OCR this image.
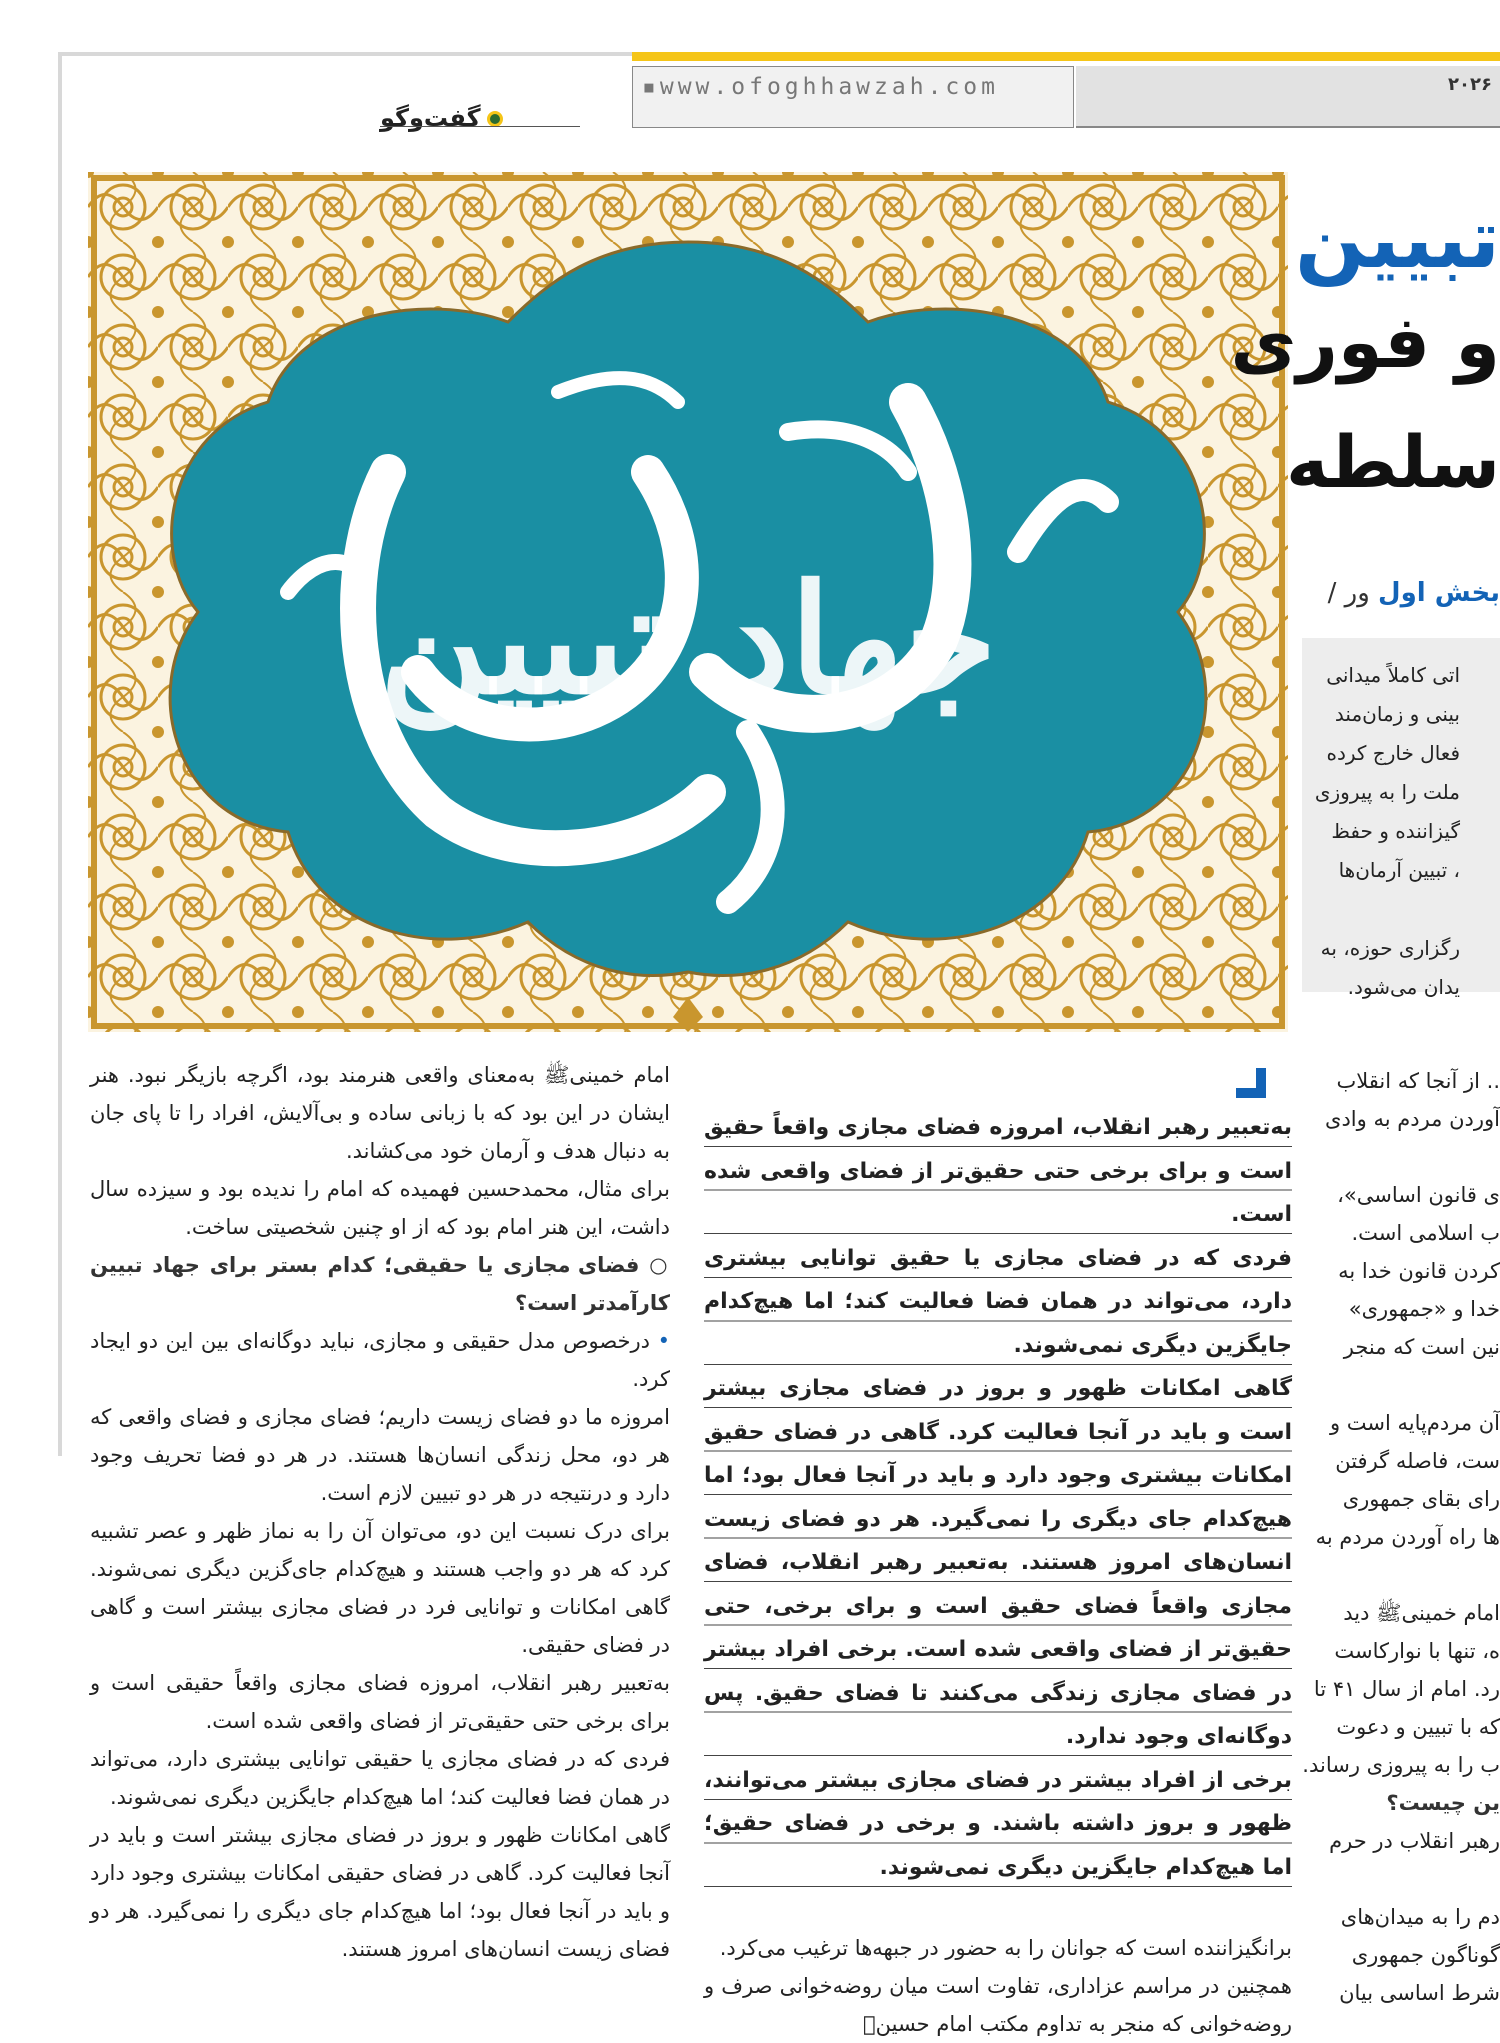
▪www.ofoghhawzah.com	۲۰۲۶
گفت‌وگو
جهاد تبیین
تبیین
و فوری
سلطه
بخش اول ور /

اتی کاملاً میدانی

بینی و زمان‌مند

فعال خارج کرده

ملت را به پیروزی

گیزاننده و حفظ

، تبیین آرمان‌ها

رگزاری حوزه، به

یدان می‌شود.

امام خمینیﷺ به‌معنای واقعی هنرمند بود، اگرچه بازیگر نبود. هنر ایشان در این بود که با زبانی ساده و بی‌آلایش، افراد را تا پای جان به دنبال هدف و آرمان خود می‌کشاند.

برای مثال، محمدحسین فهمیده که امام را ندیده بود و سیزده سال داشت، این هنر امام بود که از او چنین شخصیتی ساخت.

○ فضای مجازی یا حقیقی؛ کدام بستر برای جهاد تبیین کارآمدتر است؟

• درخصوص مدل حقیقی و مجازی، نباید دوگانه‌ای بین این دو ایجاد کرد.

امروزه ما دو فضای زیست داریم؛ فضای مجازی و فضای واقعی که هر دو، محل زندگی انسان‌ها هستند. در هر دو فضا تحریف وجود دارد و درنتیجه در هر دو تبیین لازم است.

برای درک نسبت این دو، می‌توان آن را به نماز ظهر و عصر تشبیه کرد که هر دو واجب هستند و هیچ‌کدام جای‌گزین دیگری نمی‌شوند. گاهی امکانات و توانایی فرد در فضای مجازی بیشتر است و گاهی در فضای حقیقی.

به‌تعبیر رهبر انقلاب، امروزه فضای مجازی واقعاً حقیقی است و برای برخی حتی حقیقی‌تر از فضای واقعی شده است.

فردی که در فضای مجازی یا حقیقی توانایی بیشتری دارد، می‌تواند در همان فضا فعالیت کند؛ اما هیچ‌کدام جایگزین دیگری نمی‌شوند.

گاهی امکانات ظهور و بروز در فضای مجازی بیشتر است و باید در آنجا فعالیت کرد. گاهی در فضای حقیقی امکانات بیشتری وجود دارد و باید در آنجا فعال بود؛ اما هیچ‌کدام جای دیگری را نمی‌گیرد. هر دو فضای زیست انسان‌های امروز هستند.

به‌تعبیر رهبر انقلاب، امروزه فضای مجازی واقعاً حقیق است و برای برخی حتی حقیق‌تر از فضای واقعی شده است.

فردی که در فضای مجازی یا حقیق توانایی بیشتری دارد، می‌تواند در همان فضا فعالیت کند؛ اما هیچ‌کدام جایگزین دیگری نمی‌شوند.

گاهی امکانات ظهور و بروز در فضای مجازی بیشتر است و باید در آنجا فعالیت کرد. گاهی در فضای حقیق امکانات بیشتری وجود دارد و باید در آنجا فعال بود؛ اما هیچ‌کدام جای دیگری را نمی‌گیرد. هر دو فضای زیست انسان‌های امروز هستند. به‌تعبیر رهبر انقلاب، فضای مجازی واقعاً فضای حقیق است و برای برخی، حتی حقیق‌تر از فضای واقعی شده است. برخی افراد بیشتر در فضای مجازی زندگی می‌کنند تا فضای حقیق. پس دوگانه‌ای وجود ندارد.

برخی از افراد بیشتر در فضای مجازی بیشتر می‌توانند، ظهور و بروز داشته باشند. و برخی در فضای حقیق؛ اما هیچ‌کدام جایگزین دیگری نمی‌شوند.

برانگیزاننده است که جوانان را به حضور در جبهه‌ها ترغیب می‌کرد.

همچنین در مراسم عزاداری، تفاوت است میان روضه‌خوانی صرف و روضه‌خوانی که منجر به تداوم مکتب امام حسینؑ

.. از آنجا که انقلاب

آوردن مردم به وادی

ی قانون اساسی»،

ب اسلامی است.

کردن قانون خدا به

خدا و «جمهوری»

نین است که منجر

آن مردم‌پایه است و

ست، فاصله گرفتن

رای بقای جمهوری

ها راه آوردن مردم به

امام خمینیﷺ دید

ه، تنها با نوارکاست

رد. امام از سال ۴۱ تا

که با تبیین و دعوت

ب را به پیروزی رساند.

ین چیست؟

رهبر انقلاب در حرم

دم را به میدان‌های

گوناگون جمهوری

شرط اساسی بیان
